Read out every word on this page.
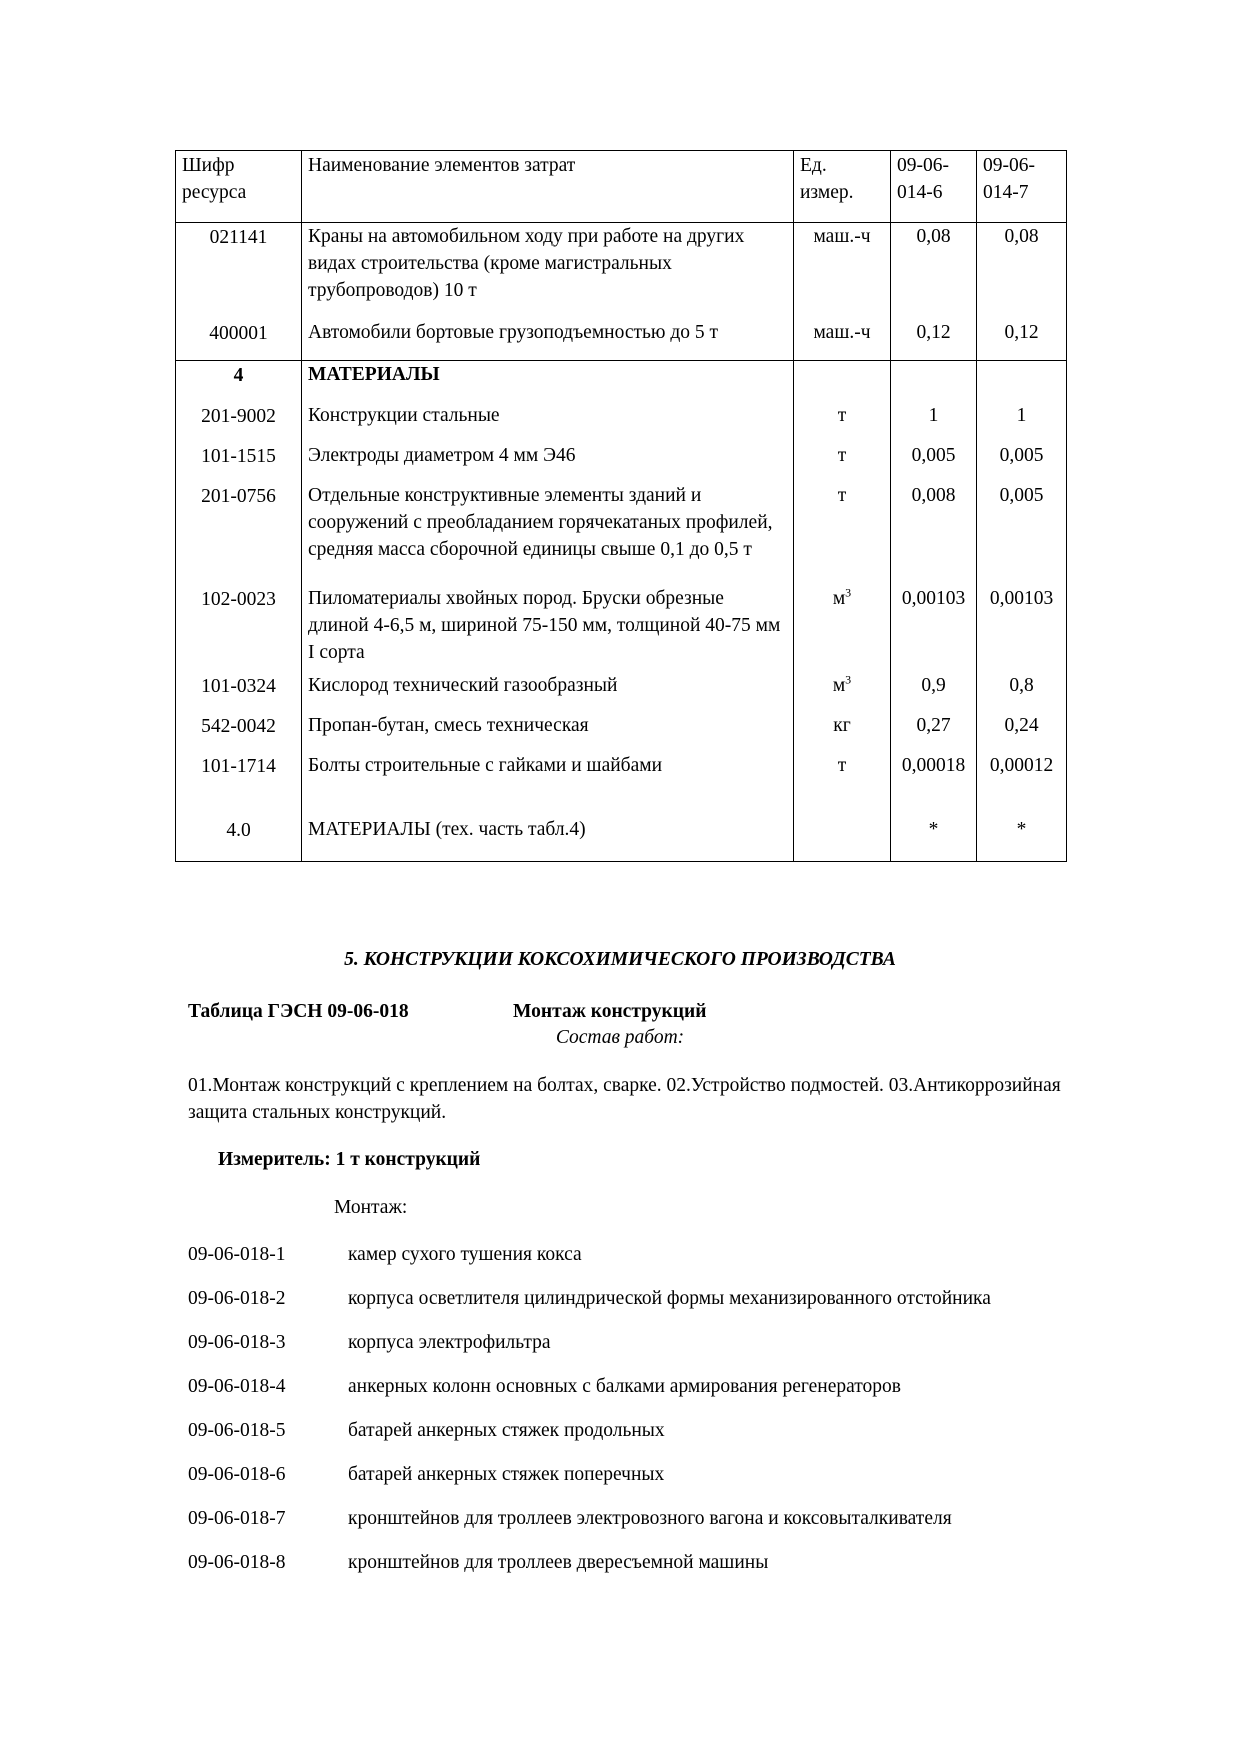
Шифр ресурса	Наименование элементов затрат	Ед. измер.	09-06-014-6	09-06-014-7
021141	Краны на автомобильном ходу при работе на других видах строительства (кроме магистральных трубопроводов) 10 т	маш.-ч	0,08	0,08
400001	Автомобили бортовые грузоподъемностью до 5 т	маш.-ч	0,12	0,12
4	МАТЕРИАЛЫ			
201-9002	Конструкции стальные	т	1	1
101-1515	Электроды диаметром 4 мм Э46	т	0,005	0,005
201-0756	Отдельные конструктивные элементы зданий и сооружений с преобладанием горячекатаных профилей, средняя масса сборочной единицы свыше 0,1 до 0,5 т	т	0,008	0,005
102-0023	Пиломатериалы хвойных пород. Бруски обрезные длиной 4-6,5 м, шириной 75-150 мм, толщиной 40-75 мм I сорта	$м^3$	0,00103	0,00103
101-0324	Кислород технический газообразный	$м^3$	0,9	0,8
542-0042	Пропан-бутан, смесь техническая	кг	0,27	0,24
101-1714	Болты строительные с гайками и шайбами	т	0,00018	0,00012
4.0	МАТЕРИАЛЫ (тех. часть табл.4)		*	*
5. КОНСТРУКЦИИ КОКСОХИМИЧЕСКОГО ПРОИЗВОДСТВА
Таблица ГЭСН 09-06-018	Монтаж конструкций
Состав работ:
01.Монтаж конструкций с креплением на болтах, сварке. 02.Устройство подмостей. 03.Антикоррозийная защита стальных конструкций.
Измеритель: 1 т конструкций
Монтаж:
09-06-018-1	камер сухого тушения кокса
09-06-018-2	корпуса осветлителя цилиндрической формы механизированного отстойника
09-06-018-3	корпуса электрофильтра
09-06-018-4	анкерных колонн основных с балками армирования регенераторов
09-06-018-5	батарей анкерных стяжек продольных
09-06-018-6	батарей анкерных стяжек поперечных
09-06-018-7	кронштейнов для троллеев электровозного вагона и коксовыталкивателя
09-06-018-8	кронштейнов для троллеев двересъемной машины
